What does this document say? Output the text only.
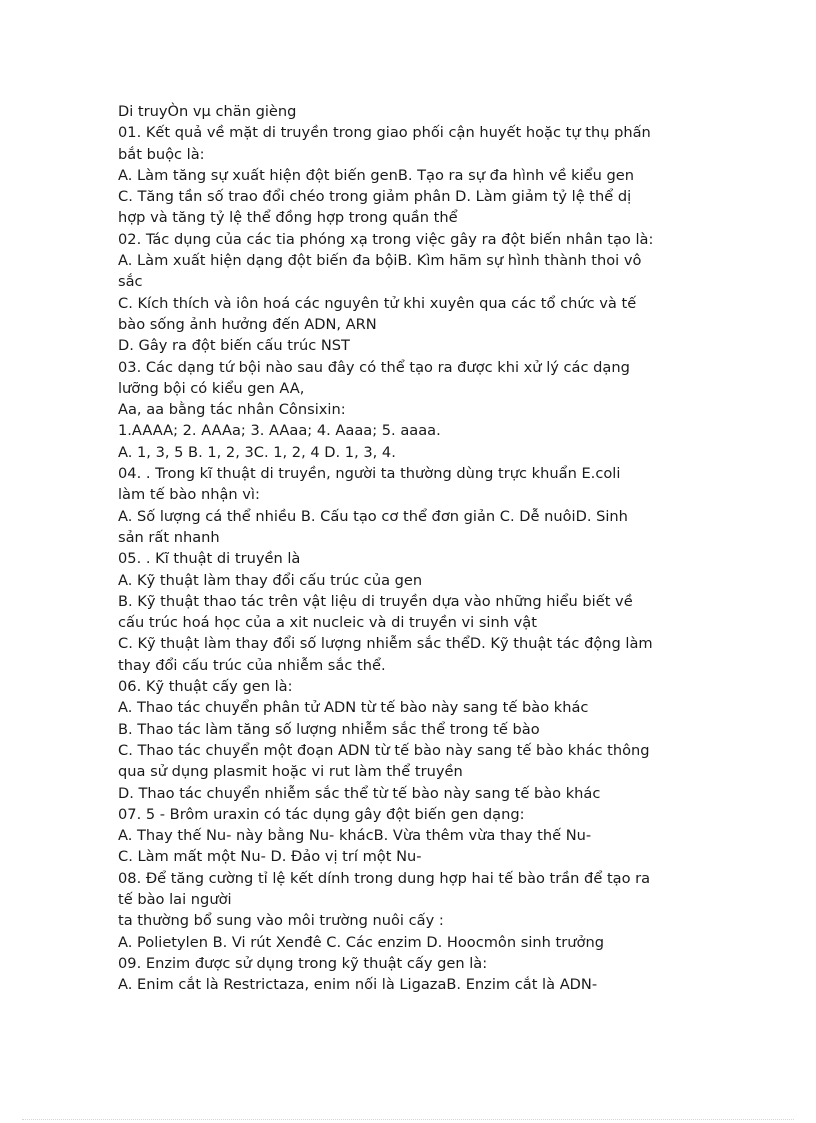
Di truyÒn vµ chän gièng
01. Kết quả về mặt di truyền trong giao phối cận huyết hoặc tự thụ phấn
bắt buộc là:
A. Làm tăng sự xuất hiện đột biến genB. Tạo ra sự đa hình về kiểu gen
C. Tăng tần số trao đổi chéo trong giảm phân D. Làm giảm tỷ lệ thể dị
hợp và tăng tỷ lệ thể đồng hợp trong quần thể
02. Tác dụng của các tia phóng xạ trong việc gây ra đột biến nhân tạo là:
A. Làm xuất hiện dạng đột biến đa bộiB. Kìm hãm sự hình thành thoi vô
sắc
C. Kích thích và iôn hoá các nguyên tử khi xuyên qua các tổ chức và tế
bào sống ảnh hưởng đến ADN, ARN
D. Gây ra đột biến cấu trúc NST
03. Các dạng tứ bội nào sau đây có thể tạo ra được khi xử lý các dạng
lưỡng bội có kiểu gen AA,
Aa, aa bằng tác nhân Cônsixin:
1.AAAA; 2. AAAa; 3. AAaa; 4. Aaaa; 5. aaaa.
A. 1, 3, 5 B. 1, 2, 3C. 1, 2, 4 D. 1, 3, 4.
04. . Trong kĩ thuật di truyền, người ta thường dùng trực khuẩn E.coli
làm tế bào nhận vì:
A. Số lượng cá thể nhiều B. Cấu tạo cơ thể đơn giản C. Dễ nuôiD. Sinh
sản rất nhanh
05. . Kĩ thuật di truyền là
A. Kỹ thuật làm thay đổi cấu trúc của gen
B. Kỹ thuật thao tác trên vật liệu di truyền dựa vào những hiểu biết về
cấu trúc hoá học của a xit nucleic và di truyền vi sinh vật
C. Kỹ thuật làm thay đổi số lượng nhiễm sắc thểD. Kỹ thuật tác động làm
thay đổi cấu trúc của nhiễm sắc thể.
06. Kỹ thuật cấy gen là:
A. Thao tác chuyển phân tử ADN từ tế bào này sang tế bào khác
B. Thao tác làm tăng số lượng nhiễm sắc thể trong tế bào
C. Thao tác chuyển một đoạn ADN từ tế bào này sang tế bào khác thông
qua sử dụng plasmit hoặc vi rut làm thể truyền
D. Thao tác chuyển nhiễm sắc thể từ tế bào này sang tế bào khác
07. 5 - Brôm uraxin có tác dụng gây đột biến gen dạng:
A. Thay thế Nu- này bằng Nu- khácB. Vừa thêm vừa thay thế Nu-
C. Làm mất một Nu- D. Đảo vị trí một Nu-
08. Để tăng cường tỉ lệ kết dính trong dung hợp hai tế bào trần để tạo ra
tế bào lai người
ta thường bổ sung vào môi trường nuôi cấy :
A. Polietylen B. Vi rút Xenđê C. Các enzim D. Hoocmôn sinh trưởng
09. Enzim được sử dụng trong kỹ thuật cấy gen là:
A. Enim cắt là Restrictaza, enim nối là LigazaB. Enzim cắt là ADN-
